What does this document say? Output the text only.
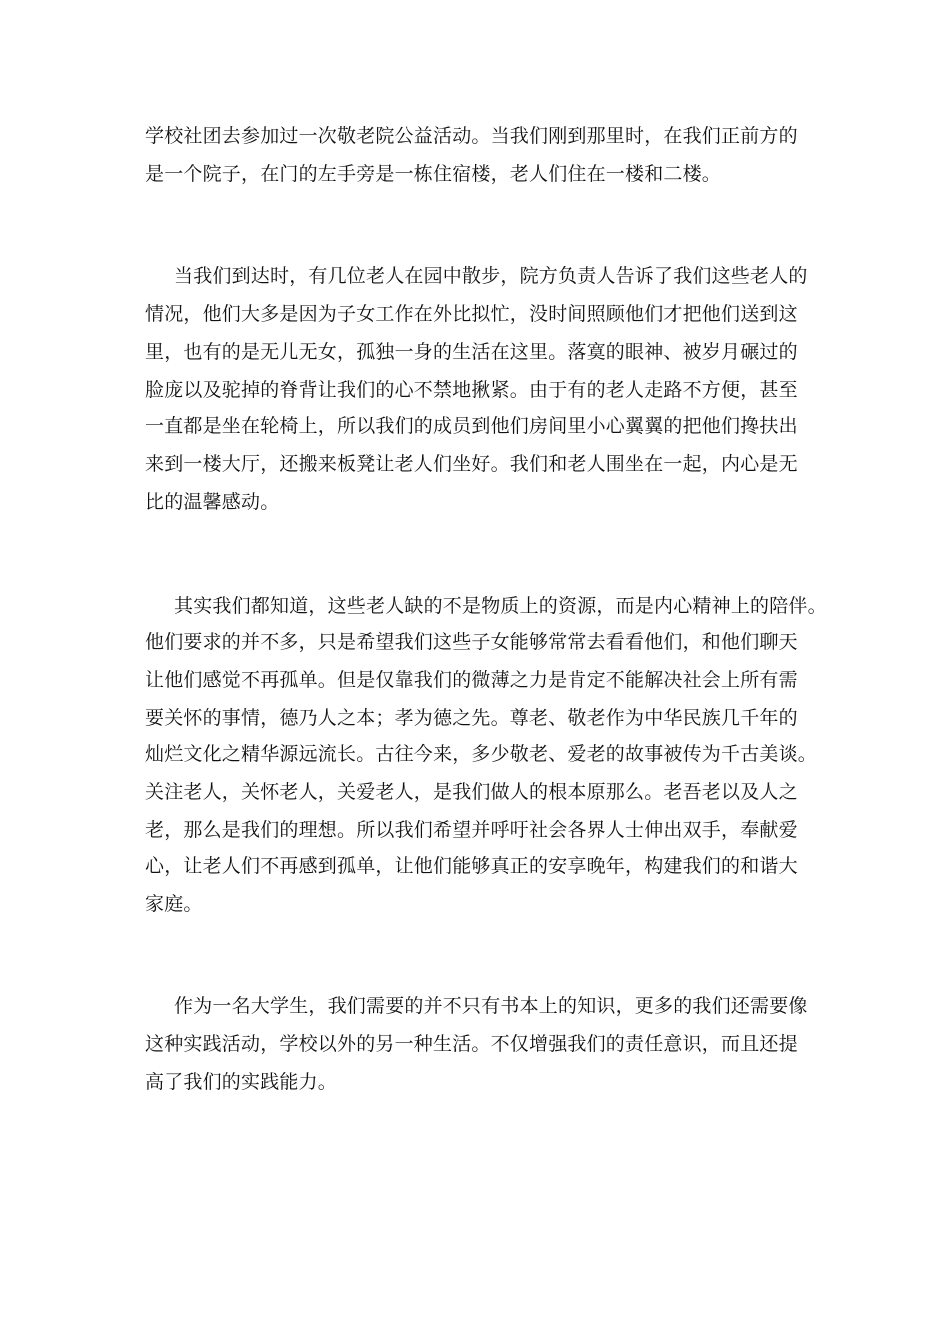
学校社团去参加过一次敬老院公益活动。当我们刚到那里时，在我们正前方的
是一个院子，在门的左手旁是一栋住宿楼，老人们住在一楼和二楼。
当我们到达时，有几位老人在园中散步，院方负责人告诉了我们这些老人的
情况，他们大多是因为子女工作在外比拟忙，没时间照顾他们才把他们送到这
里，也有的是无儿无女，孤独一身的生活在这里。落寞的眼神、被岁月碾过的
脸庞以及驼掉的脊背让我们的心不禁地揪紧。由于有的老人走路不方便，甚至
一直都是坐在轮椅上，所以我们的成员到他们房间里小心翼翼的把他们搀扶出
来到一楼大厅，还搬来板凳让老人们坐好。我们和老人围坐在一起，内心是无
比的温馨感动。
其实我们都知道，这些老人缺的不是物质上的资源，而是内心精神上的陪伴。
他们要求的并不多，只是希望我们这些子女能够常常去看看他们，和他们聊天
让他们感觉不再孤单。但是仅靠我们的微薄之力是肯定不能解决社会上所有需
要关怀的事情，德乃人之本；孝为德之先。尊老、敬老作为中华民族几千年的
灿烂文化之精华源远流长。古往今来，多少敬老、爱老的故事被传为千古美谈。
关注老人，关怀老人，关爱老人，是我们做人的根本原那么。老吾老以及人之
老，那么是我们的理想。所以我们希望并呼吁社会各界人士伸出双手，奉献爱
心，让老人们不再感到孤单，让他们能够真正的安享晚年，构建我们的和谐大
家庭。
作为一名大学生，我们需要的并不只有书本上的知识，更多的我们还需要像
这种实践活动，学校以外的另一种生活。不仅增强我们的责任意识，而且还提
高了我们的实践能力。
